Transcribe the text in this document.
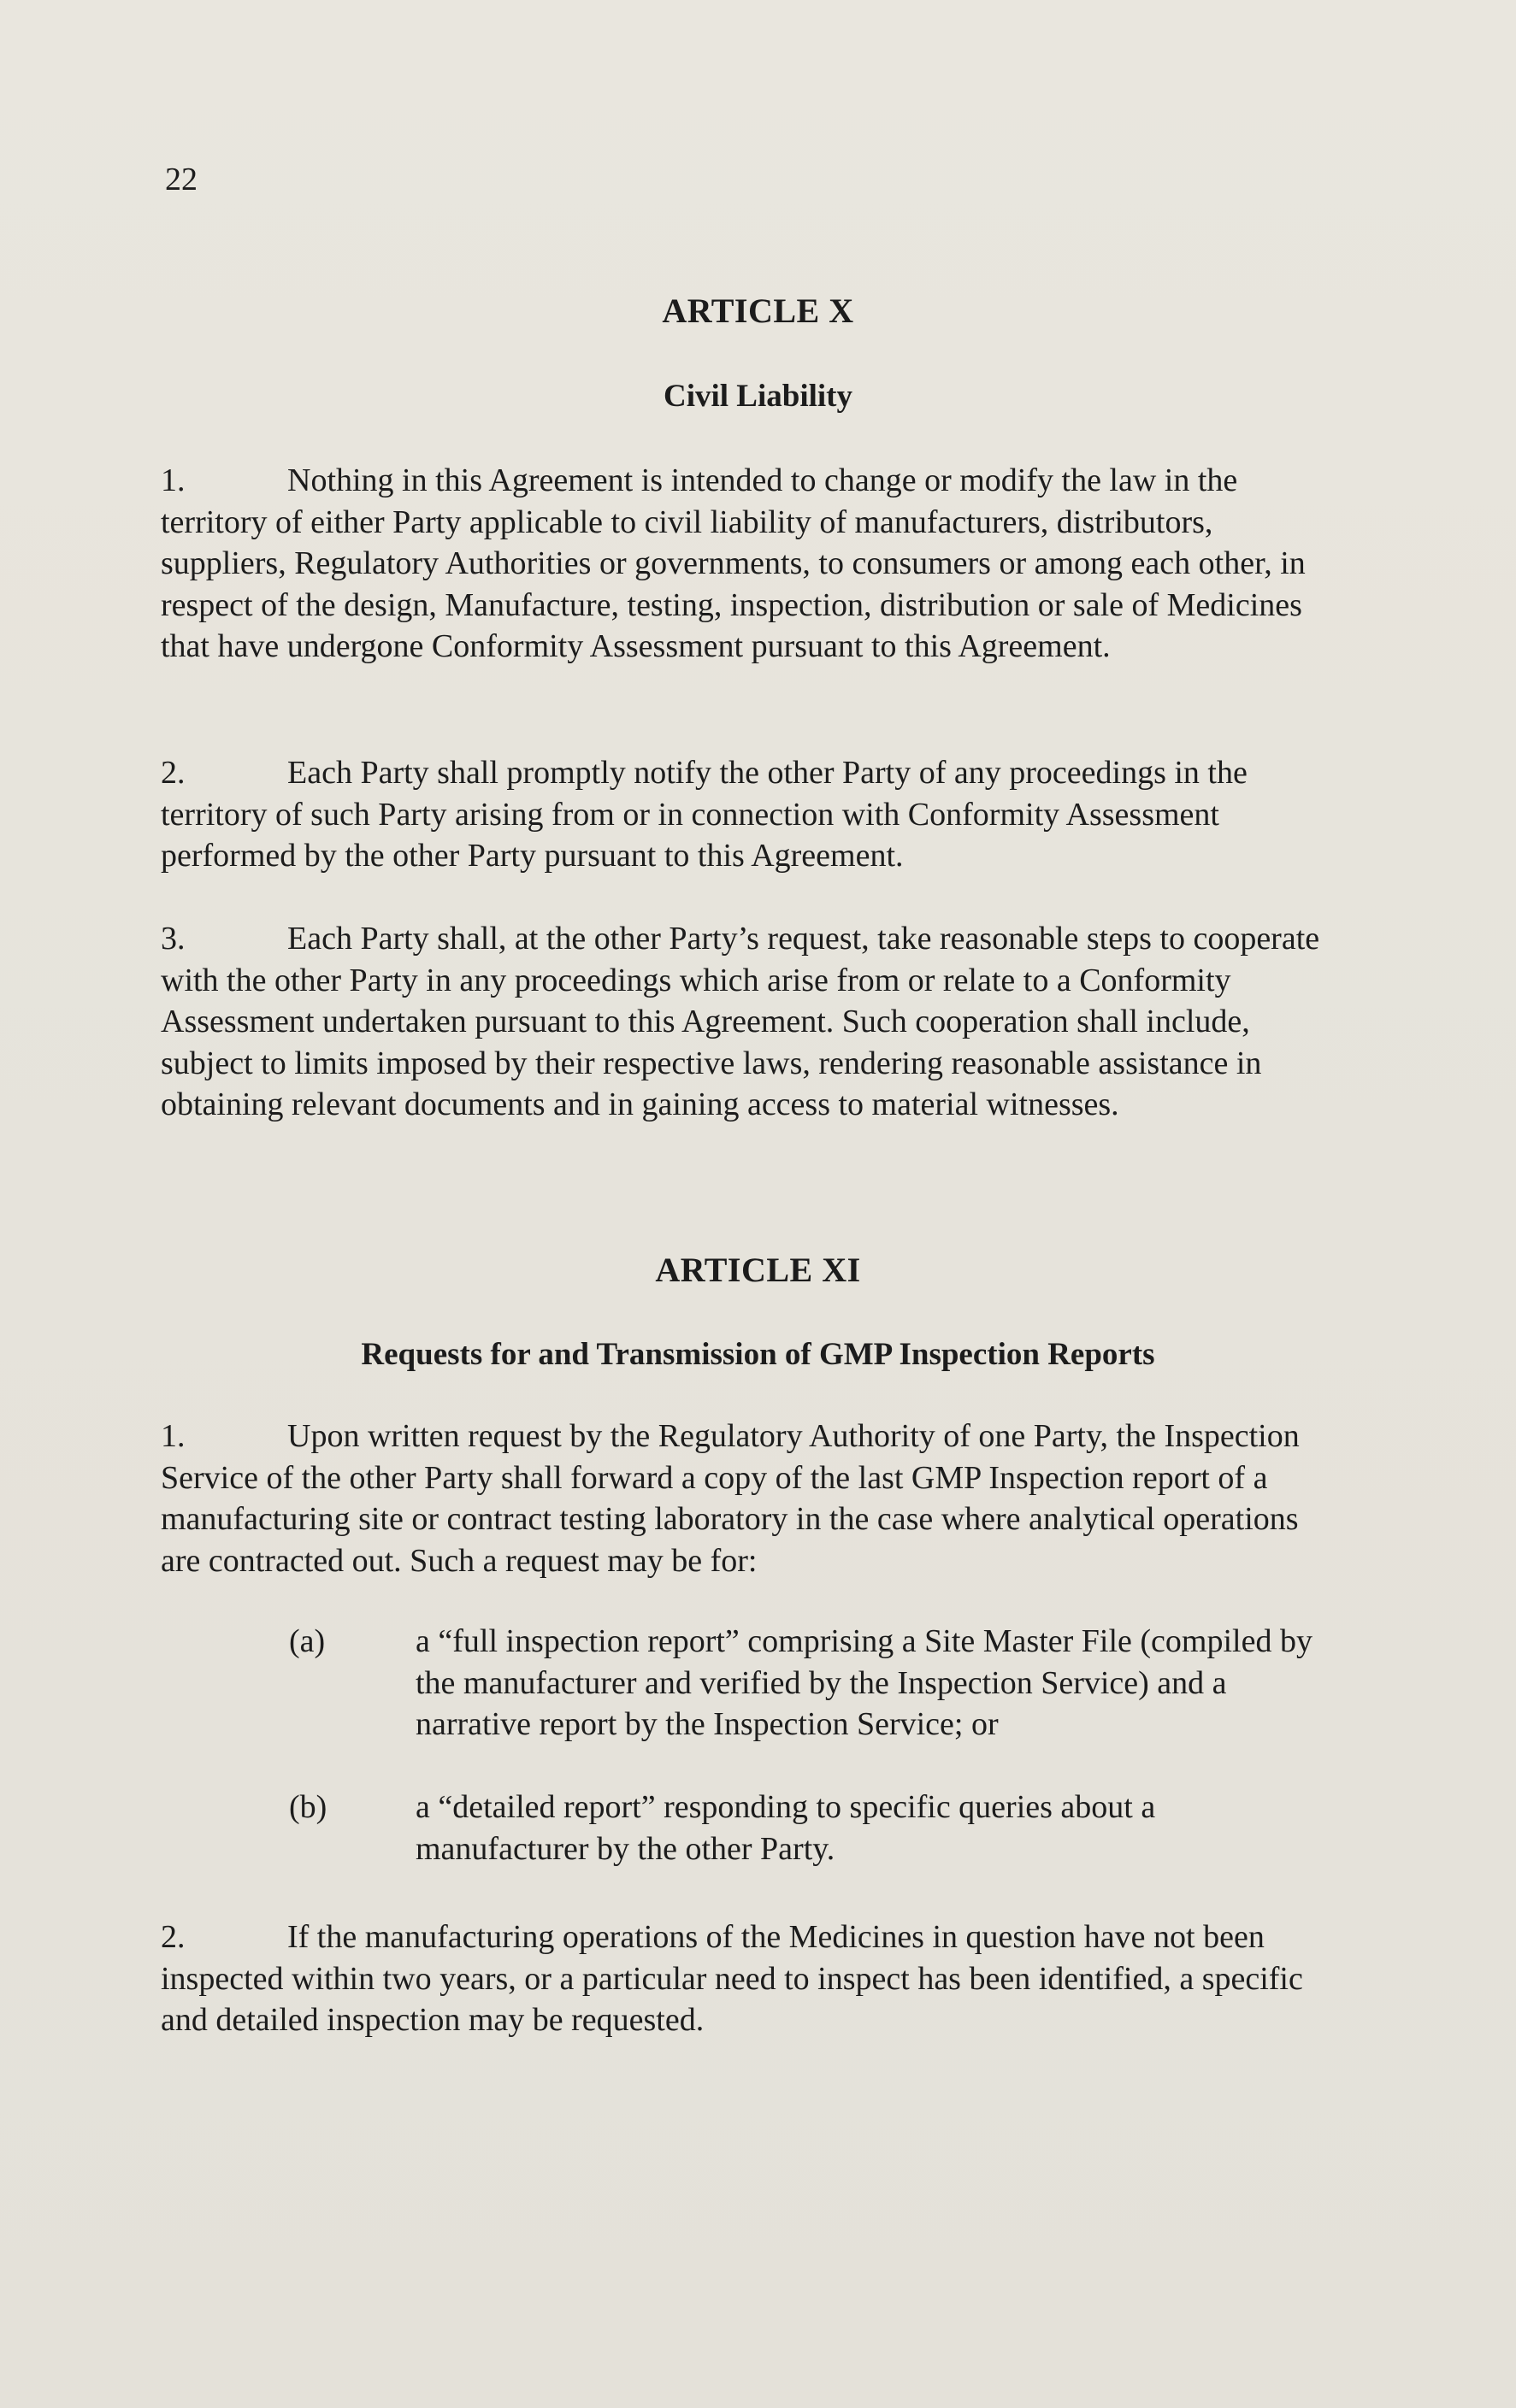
22
ARTICLE X
Civil Liability

1.	Nothing in this Agreement is intended to change or modify the law in the territory of either Party applicable to civil liability of manufacturers, distributors, suppliers, Regulatory Authorities or governments, to consumers or among each other, in respect of the design, Manufacture, testing, inspection, distribution or sale of Medicines that have undergone Conformity Assessment pursuant to this Agreement.

2.	Each Party shall promptly notify the other Party of any proceedings in the territory of such Party arising from or in connection with Conformity Assessment performed by the other Party pursuant to this Agreement.

3.	Each Party shall, at the other Party’s request, take reasonable steps to cooperate with the other Party in any proceedings which arise from or relate to a Conformity Assessment undertaken pursuant to this Agreement. Such cooperation shall include, subject to limits imposed by their respective laws, rendering reasonable assistance in obtaining relevant documents and in gaining access to material witnesses.

ARTICLE XI
Requests for and Transmission of GMP Inspection Reports

1.	Upon written request by the Regulatory Authority of one Party, the Inspection Service of the other Party shall forward a copy of the last GMP Inspection report of a manufacturing site or contract testing laboratory in the case where analytical operations are contracted out. Such a request may be for:

(a)	a “full inspection report” comprising a Site Master File (compiled by the manufacturer and verified by the Inspection Service) and a narrative report by the Inspection Service; or
(b)	a “detailed report” responding to specific queries about a manufacturer by the other Party.

2.	If the manufacturing operations of the Medicines in question have not been inspected within two years, or a particular need to inspect has been identified, a specific and detailed inspection may be requested.
